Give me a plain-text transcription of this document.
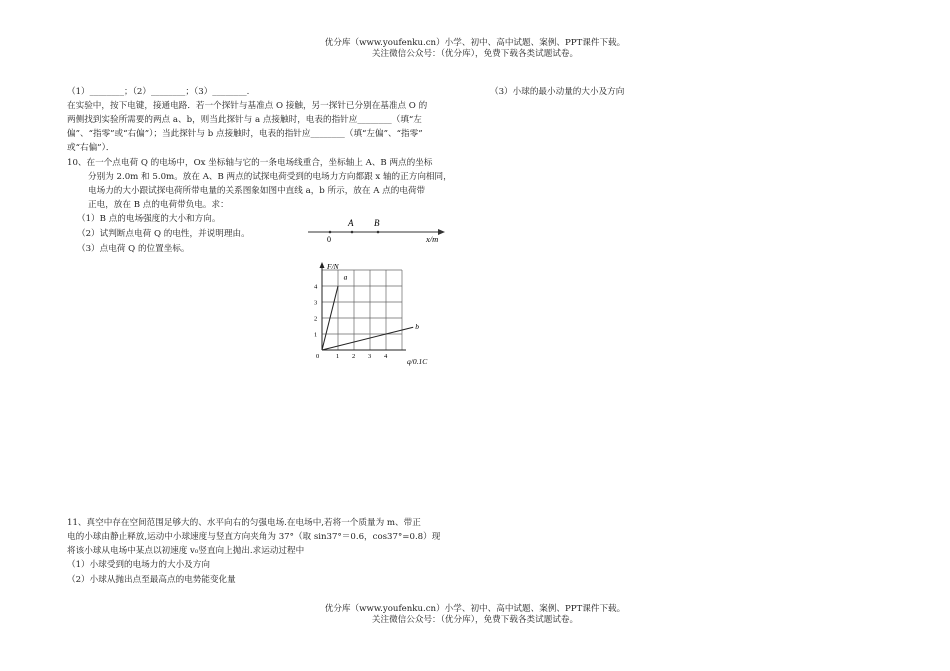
优分库（www.youfenku.cn）小学、初中、高中试题、案例、PPT课件下载。
关注微信公众号：（优分库），免费下载各类试题试卷。
（1）________；（2）________；（3）________.
在实验中，按下电键，接通电路．若一个探针与基准点 O 接触，另一探针已分别在基准点 O 的
两侧找到实验所需要的两点 a、b，则当此探针与 a 点接触时，电表的指针应________（填“左
偏”、“指零”或“右偏”）；当此探针与 b 点接触时，电表的指针应________（填“左偏”、“指零”
或“右偏”）．
10、在一个点电荷 Q 的电场中，Ox 坐标轴与它的一条电场线重合，坐标轴上 A、B 两点的坐标
分别为 2.0m 和 5.0m。放在 A、B 两点的试探电荷受到的电场力方向都跟 x 轴的正方向相同，
电场力的大小跟试探电荷所带电量的关系图象如图中直线 a，b 所示，放在 A 点的电荷带
正电，放在 B 点的电荷带负电。求：
（1）B 点的电场强度的大小和方向。
（2）试判断点电荷 Q 的电性，并说明理由。
（3）点电荷 Q 的位置坐标。
A B
0	x/m
1 2 3 4
1
2
3
4
0
F/N
q/0.1C
a
b
11、真空中存在空间范围足够大的、水平向右的匀强电场.在电场中,若将一个质量为 m、带正
电的小球由静止释放,运动中小球速度与竖直方向夹角为 37°（取 sin37°＝0.6，cos37°=0.8）现
将该小球从电场中某点以初速度 v₀竖直向上抛出.求运动过程中
（1）小球受到的电场力的大小及方向
（2）小球从抛出点至最高点的电势能变化量
（3）小球的最小动量的大小及方向
优分库（www.youfenku.cn）小学、初中、高中试题、案例、PPT课件下载。
关注微信公众号：（优分库），免费下载各类试题试卷。
